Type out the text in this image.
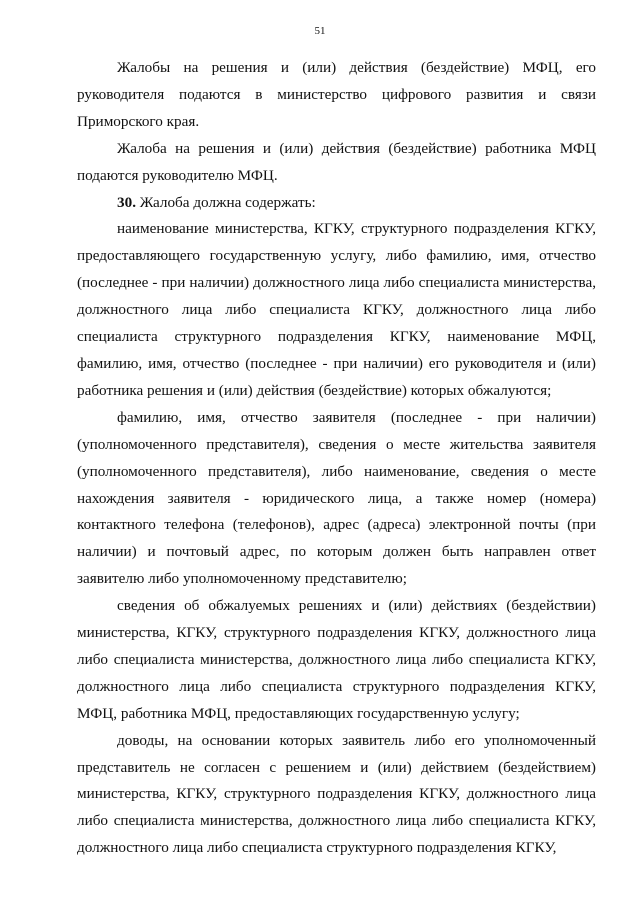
51

Жалобы на решения и (или) действия (бездействие) МФЦ, его руководителя подаются в министерство цифрового развития и связи Приморского края.

Жалоба на решения и (или) действия (бездействие) работника МФЦ подаются руководителю МФЦ.

30. Жалоба должна содержать:

наименование министерства, КГКУ, структурного подразделения КГКУ, предоставляющего государственную услугу, либо фамилию, имя, отчество (последнее - при наличии) должностного лица либо специалиста министерства, должностного лица либо специалиста КГКУ, должностного лица либо специалиста структурного подразделения КГКУ, наименование МФЦ, фамилию, имя, отчество (последнее - при наличии) его руководителя и (или) работника решения и (или) действия (бездействие) которых обжалуются;

фамилию, имя, отчество заявителя (последнее - при наличии) (уполномоченного представителя), сведения о месте жительства заявителя (уполномоченного представителя), либо наименование, сведения о месте нахождения заявителя - юридического лица, а также номер (номера) контактного телефона (телефонов), адрес (адреса) электронной почты (при наличии) и почтовый адрес, по которым должен быть направлен ответ заявителю либо уполномоченному представителю;

сведения об обжалуемых решениях и (или) действиях (бездействии) министерства, КГКУ, структурного подразделения КГКУ, должностного лица либо специалиста министерства, должностного лица либо специалиста КГКУ, должностного лица либо специалиста структурного подразделения КГКУ, МФЦ, работника МФЦ, предоставляющих государственную услугу;

доводы, на основании которых заявитель либо его уполномоченный представитель не согласен с решением и (или) действием (бездействием) министерства, КГКУ, структурного подразделения КГКУ, должностного лица либо специалиста министерства, должностного лица либо специалиста КГКУ, должностного лица либо специалиста структурного подразделения КГКУ,
